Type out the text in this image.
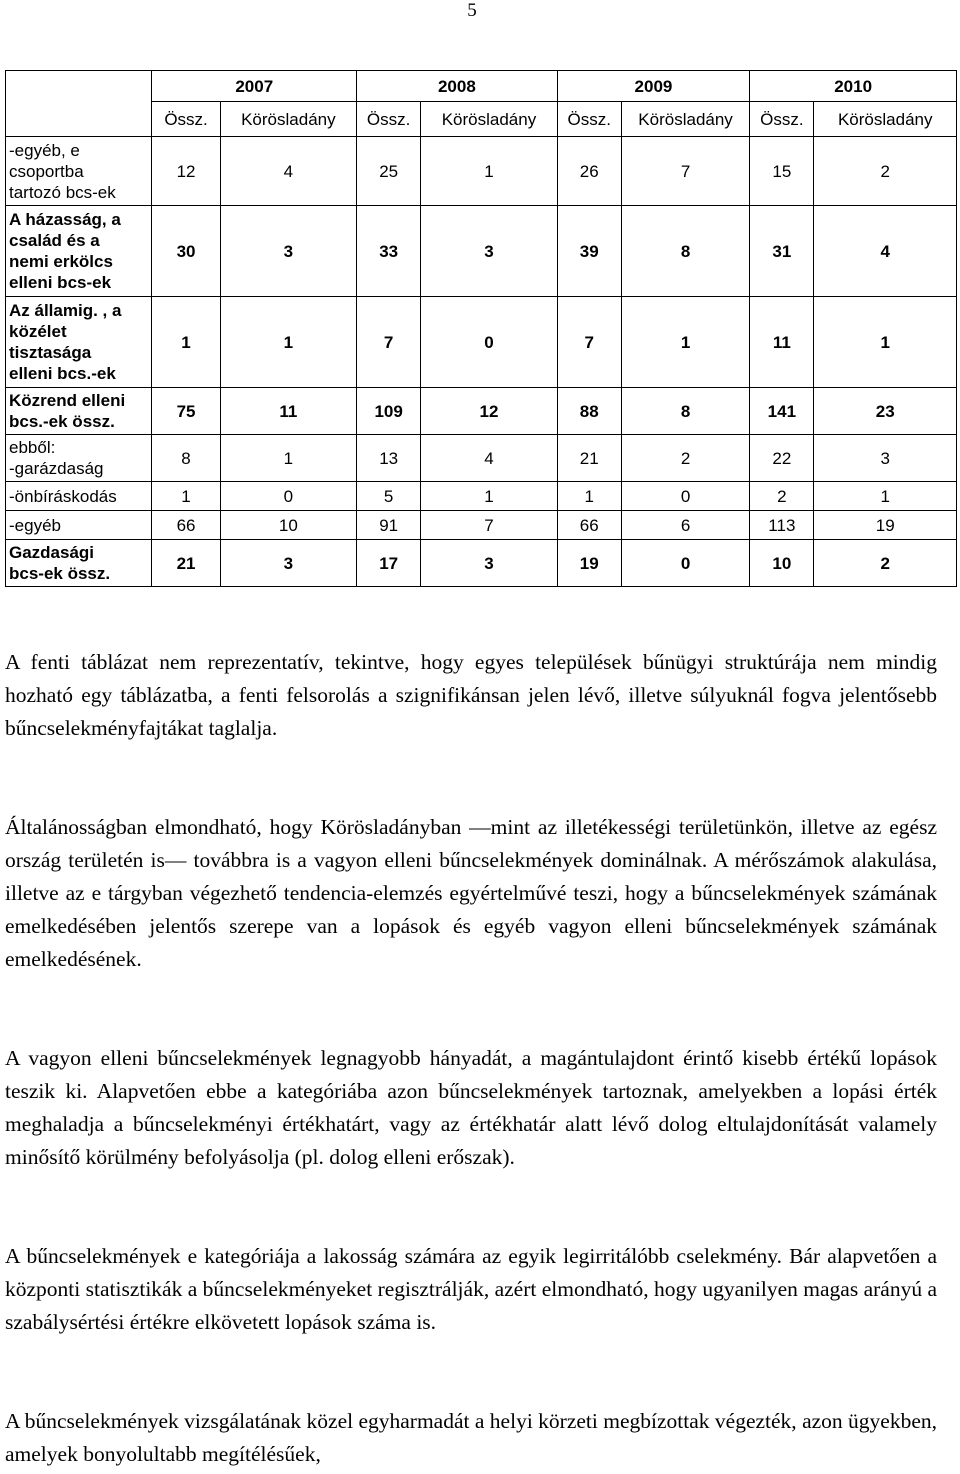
5
	2007		2008		2009		2010	
	Össz.	Körösladány	Össz.	Körösladány	Össz.	Körösladány	Össz.	Körösladány

-egyéb, e
csoportba
tartozó bcs-ek	12	4	25	1	26	7	15	2

A házasság, a
család és a
nemi erkölcs
elleni bcs-ek	30	3	33	3	39	8	31	4

Az államig. , a
közélet
tisztasága
elleni bcs.-ek	1	1	7	0	7	1	11	1

Közrend elleni
bcs.-ek össz.	75	11	109	12	88	8	141	23

ebből:
-garázdaság	8	1	13	4	21	2	22	3

-önbíráskodás	1	0	5	1	1	0	2	1

-egyéb	66	10	91	7	66	6	113	19

Gazdasági
bcs-ek össz.	21	3	17	3	19	0	10	2

A fenti táblázat nem reprezentatív, tekintve, hogy egyes települések bűnügyi struktúrája nem mindig hozható egy táblázatba, a fenti felsorolás a szignifikánsan jelen lévő, illetve súlyuknál fogva jelentősebb bűncselekményfajtákat taglalja.

Általánosságban elmondható, hogy Körösladányban —mint az illetékességi területünkön, illetve az egész ország területén is— továbbra is a vagyon elleni bűncselekmények dominálnak. A mérőszámok alakulása, illetve az e tárgyban végezhető tendencia-elemzés egyértelművé teszi, hogy a bűncselekmények számának emelkedésében jelentős szerepe van a lopások és egyéb vagyon elleni bűncselekmények számának emelkedésének.

A vagyon elleni bűncselekmények legnagyobb hányadát, a magántulajdont érintő kisebb értékű lopások teszik ki. Alapvetően ebbe a kategóriába azon bűncselekmények tartoznak, amelyekben a lopási érték meghaladja a bűncselekményi értékhatárt, vagy az értékhatár alatt lévő dolog eltulajdonítását valamely minősítő körülmény befolyásolja (pl. dolog elleni erőszak).

A bűncselekmények e kategóriája a lakosság számára az egyik legirritálóbb cselekmény. Bár alapvetően a központi statisztikák a bűncselekményeket regisztrálják, azért elmondható, hogy ugyanilyen magas arányú a szabálysértési értékre elkövetett lopások száma is.

A bűncselekmények vizsgálatának közel egyharmadát a helyi körzeti megbízottak végezték, azon ügyekben, amelyek bonyolultabb megítélésűek,
